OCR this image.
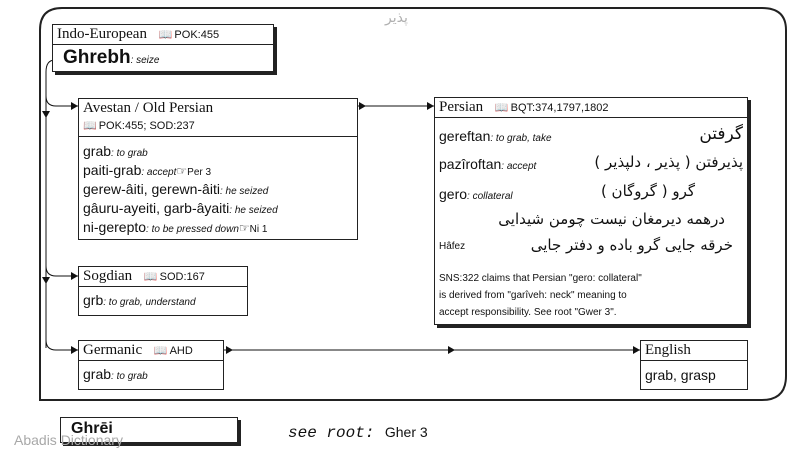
پذیر
Indo-European 📖 POK:455
Ghrebh: seize
Avestan / Old Persian
📖 POK:455; SOD:237
grab: to grab
paiti-grab: accept☞Per 3
gerew-âiti, gerewn-âiti: he seized
gâuru-ayeiti, garb-âyaiti: he seized
ni-gerepto: to be pressed down☞Ni 1
Sogdian 📖 SOD:167
grb: to grab, understand
Germanic 📖 AHD
grab: to grab
English
grab, grasp
Persian 📖 BQT:374,1797,1802
gereftan: to grab, take	گرفتن
pazîroftan: accept	پذیرفتن ( پذیر ، دلپذیر )
gero: collateral	گرو ( گروگان )
درهمه دیرمغان نیست چومن شیدایی
Hâfez	خرقه جایی گرو باده و دفتر جایی
SNS:322 claims that Persian "gero: collateral"
is derived from "garîveh: neck" meaning to
accept responsibility. See root "Gwer 3".
Ghrēi
Abadis Dictionary	see root: Gher 3
